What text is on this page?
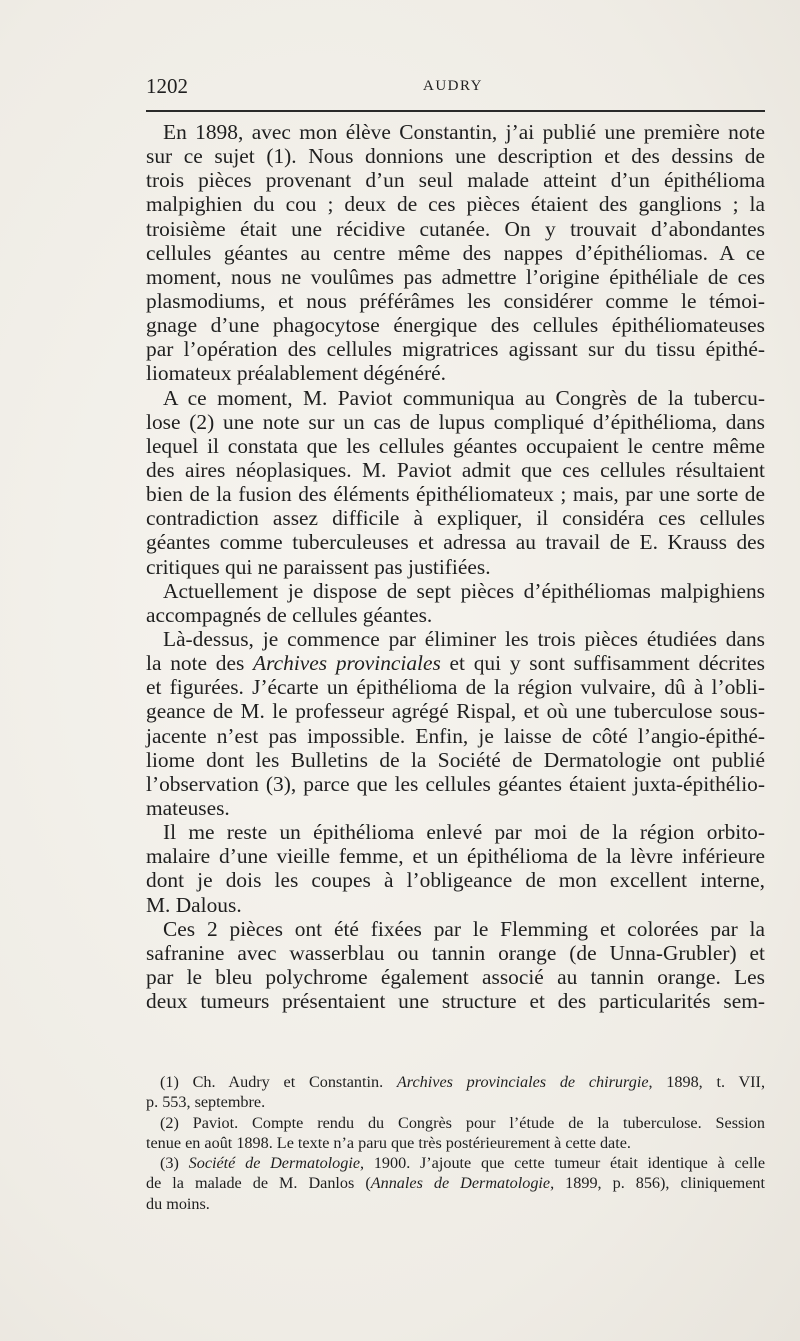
1202	AUDRY
En 1898, avec mon élève Constantin, j’ai publié une première note
sur ce sujet (1). Nous donnions une description et des dessins de
trois pièces provenant d’un seul malade atteint d’un épithélioma
malpighien du cou ; deux de ces pièces étaient des ganglions ; la
troisième était une récidive cutanée. On y trouvait d’abondantes
cellules géantes au centre même des nappes d’épithéliomas. A ce
moment, nous ne voulûmes pas admettre l’origine épithéliale de ces
plasmodiums, et nous préférâmes les considérer comme le témoi-
gnage d’une phagocytose énergique des cellules épithéliomateuses
par l’opération des cellules migratrices agissant sur du tissu épithé-
liomateux préalablement dégénéré.
A ce moment, M. Paviot communiqua au Congrès de la tubercu-
lose (2) une note sur un cas de lupus compliqué d’épithélioma, dans
lequel il constata que les cellules géantes occupaient le centre même
des aires néoplasiques. M. Paviot admit que ces cellules résultaient
bien de la fusion des éléments épithéliomateux ; mais, par une sorte de
contradiction assez difficile à expliquer, il considéra ces cellules
géantes comme tuberculeuses et adressa au travail de E. Krauss des
critiques qui ne paraissent pas justifiées.
Actuellement je dispose de sept pièces d’épithéliomas malpighiens
accompagnés de cellules géantes.
Là-dessus, je commence par éliminer les trois pièces étudiées dans
la note des Archives provinciales et qui y sont suffisamment décrites
et figurées. J’écarte un épithélioma de la région vulvaire, dû à l’obli-
geance de M. le professeur agrégé Rispal, et où une tuberculose sous-
jacente n’est pas impossible. Enfin, je laisse de côté l’angio-épithé-
liome dont les Bulletins de la Société de Dermatologie ont publié
l’observation (3), parce que les cellules géantes étaient juxta-épithélio-
mateuses.
Il me reste un épithélioma enlevé par moi de la région orbito-
malaire d’une vieille femme, et un épithélioma de la lèvre inférieure
dont je dois les coupes à l’obligeance de mon excellent interne,
M. Dalous.
Ces 2 pièces ont été fixées par le Flemming et colorées par la
safranine avec wasserblau ou tannin orange (de Unna-Grubler) et
par le bleu polychrome également associé au tannin orange. Les
deux tumeurs présentaient une structure et des particularités sem-
(1) Ch. Audry et Constantin. Archives provinciales de chirurgie, 1898, t. VII,
p. 553, septembre.
(2) Paviot. Compte rendu du Congrès pour l’étude de la tuberculose. Session
tenue en août 1898. Le texte n’a paru que très postérieurement à cette date.
(3) Société de Dermatologie, 1900. J’ajoute que cette tumeur était identique à celle
de la malade de M. Danlos (Annales de Dermatologie, 1899, p. 856), cliniquement
du moins.
